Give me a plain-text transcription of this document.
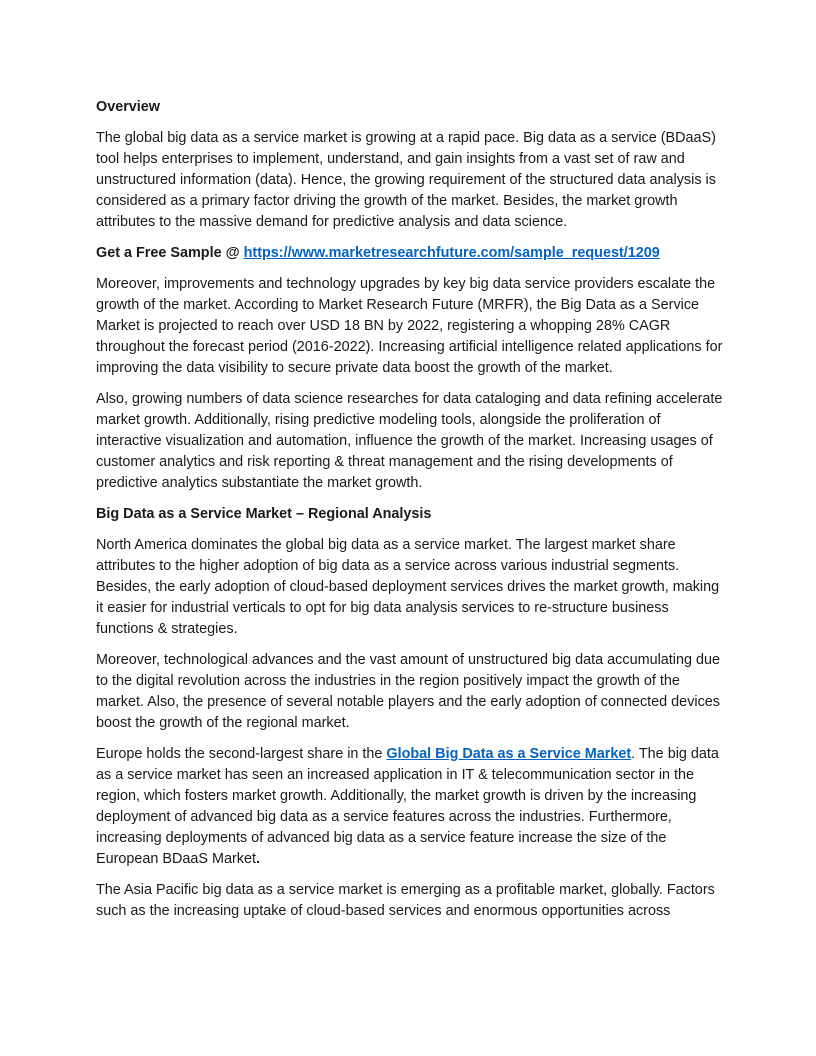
Overview

The global big data as a service market is growing at a rapid pace. Big data as a service (BDaaS) tool helps enterprises to implement, understand, and gain insights from a vast set of raw and unstructured information (data). Hence, the growing requirement of the structured data analysis is considered as a primary factor driving the growth of the market. Besides, the market growth attributes to the massive demand for predictive analysis and data science.

Get a Free Sample @ https://www.marketresearchfuture.com/sample_request/1209

Moreover, improvements and technology upgrades by key big data service providers escalate the growth of the market. According to Market Research Future (MRFR), the Big Data as a Service Market is projected to reach over USD 18 BN by 2022, registering a whopping 28% CAGR throughout the forecast period (2016-2022). Increasing artificial intelligence related applications for improving the data visibility to secure private data boost the growth of the market.

Also, growing numbers of data science researches for data cataloging and data refining accelerate market growth. Additionally, rising predictive modeling tools, alongside the proliferation of interactive visualization and automation, influence the growth of the market. Increasing usages of customer analytics and risk reporting & threat management and the rising developments of predictive analytics substantiate the market growth.

Big Data as a Service Market – Regional Analysis

North America dominates the global big data as a service market. The largest market share attributes to the higher adoption of big data as a service across various industrial segments. Besides, the early adoption of cloud-based deployment services drives the market growth, making it easier for industrial verticals to opt for big data analysis services to re-structure business functions & strategies.

Moreover, technological advances and the vast amount of unstructured big data accumulating due to the digital revolution across the industries in the region positively impact the growth of the market. Also, the presence of several notable players and the early adoption of connected devices boost the growth of the regional market.

Europe holds the second-largest share in the Global Big Data as a Service Market. The big data as a service market has seen an increased application in IT & telecommunication sector in the region, which fosters market growth. Additionally, the market growth is driven by the increasing deployment of advanced big data as a service features across the industries. Furthermore, increasing deployments of advanced big data as a service feature increase the size of the European BDaaS Market.

The Asia Pacific big data as a service market is emerging as a profitable market, globally. Factors such as the increasing uptake of cloud-based services and enormous opportunities across
